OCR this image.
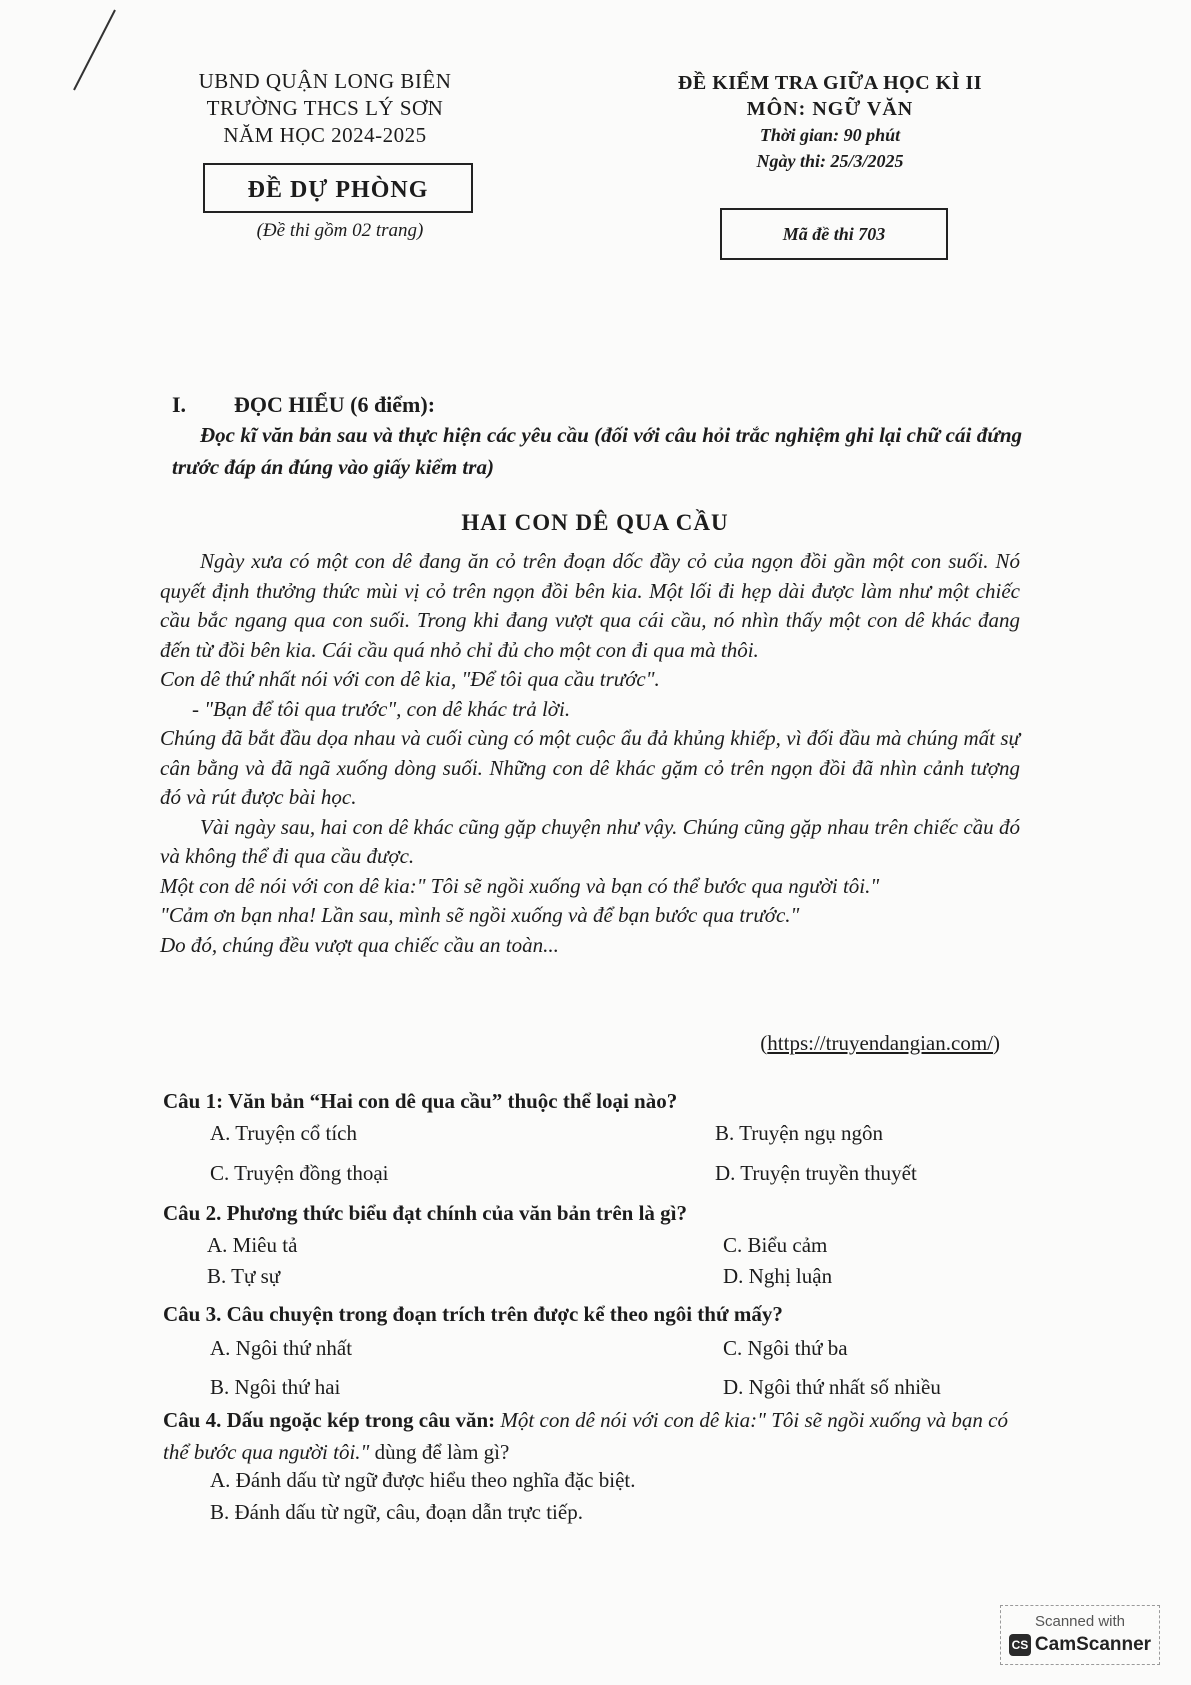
UBND QUẬN LONG BIÊN
TRƯỜNG THCS LÝ SƠN
NĂM HỌC 2024-2025
ĐỀ DỰ PHÒNG
(Đề thi gồm 02 trang)
ĐỀ KIỂM TRA GIỮA HỌC KÌ II
MÔN: NGỮ VĂN
Thời gian: 90 phút
Ngày thi: 25/3/2025
Mã đề thi 703
I. ĐỌC HIỂU (6 điểm):
Đọc kĩ văn bản sau và thực hiện các yêu cầu (đối với câu hỏi trắc nghiệm ghi lại chữ cái đứng trước đáp án đúng vào giấy kiểm tra)
HAI CON DÊ QUA CẦU

Ngày xưa có một con dê đang ăn cỏ trên đoạn dốc đầy cỏ của ngọn đồi gần một con suối. Nó quyết định thưởng thức mùi vị cỏ trên ngọn đồi bên kia. Một lối đi hẹp dài được làm như một chiếc cầu bắc ngang qua con suối. Trong khi đang vượt qua cái cầu, nó nhìn thấy một con dê khác đang đến từ đồi bên kia. Cái cầu quá nhỏ chỉ đủ cho một con đi qua mà thôi.

Con dê thứ nhất nói với con dê kia, "Để tôi qua cầu trước".

- "Bạn để tôi qua trước", con dê khác trả lời.

Chúng đã bắt đầu dọa nhau và cuối cùng có một cuộc ẩu đả khủng khiếp, vì đối đầu mà chúng mất sự cân bằng và đã ngã xuống dòng suối. Những con dê khác gặm cỏ trên ngọn đồi đã nhìn cảnh tượng đó và rút được bài học.

Vài ngày sau, hai con dê khác cũng gặp chuyện như vậy. Chúng cũng gặp nhau trên chiếc cầu đó và không thể đi qua cầu được.

Một con dê nói với con dê kia:" Tôi sẽ ngồi xuống và bạn có thể bước qua người tôi."

"Cảm ơn bạn nha! Lần sau, mình sẽ ngồi xuống và để bạn bước qua trước."

Do đó, chúng đều vượt qua chiếc cầu an toàn...

(https://truyendangian.com/)
Câu 1: Văn bản “Hai con dê qua cầu” thuộc thể loại nào?
A. Truyện cổ tích	B. Truyện ngụ ngôn
C. Truyện đồng thoại	D. Truyện truyền thuyết
Câu 2. Phương thức biểu đạt chính của văn bản trên là gì?
A. Miêu tả	C. Biểu cảm
B. Tự sự	D. Nghị luận
Câu 3. Câu chuyện trong đoạn trích trên được kể theo ngôi thứ mấy?
A. Ngôi thứ nhất	C. Ngôi thứ ba
B. Ngôi thứ hai	D. Ngôi thứ nhất số nhiều
Câu 4. Dấu ngoặc kép trong câu văn: Một con dê nói với con dê kia:" Tôi sẽ ngồi xuống và bạn có thể bước qua người tôi." dùng để làm gì?
A. Đánh dấu từ ngữ được hiểu theo nghĩa đặc biệt.
B. Đánh dấu từ ngữ, câu, đoạn dẫn trực tiếp.
Scanned with
CS CamScanner
